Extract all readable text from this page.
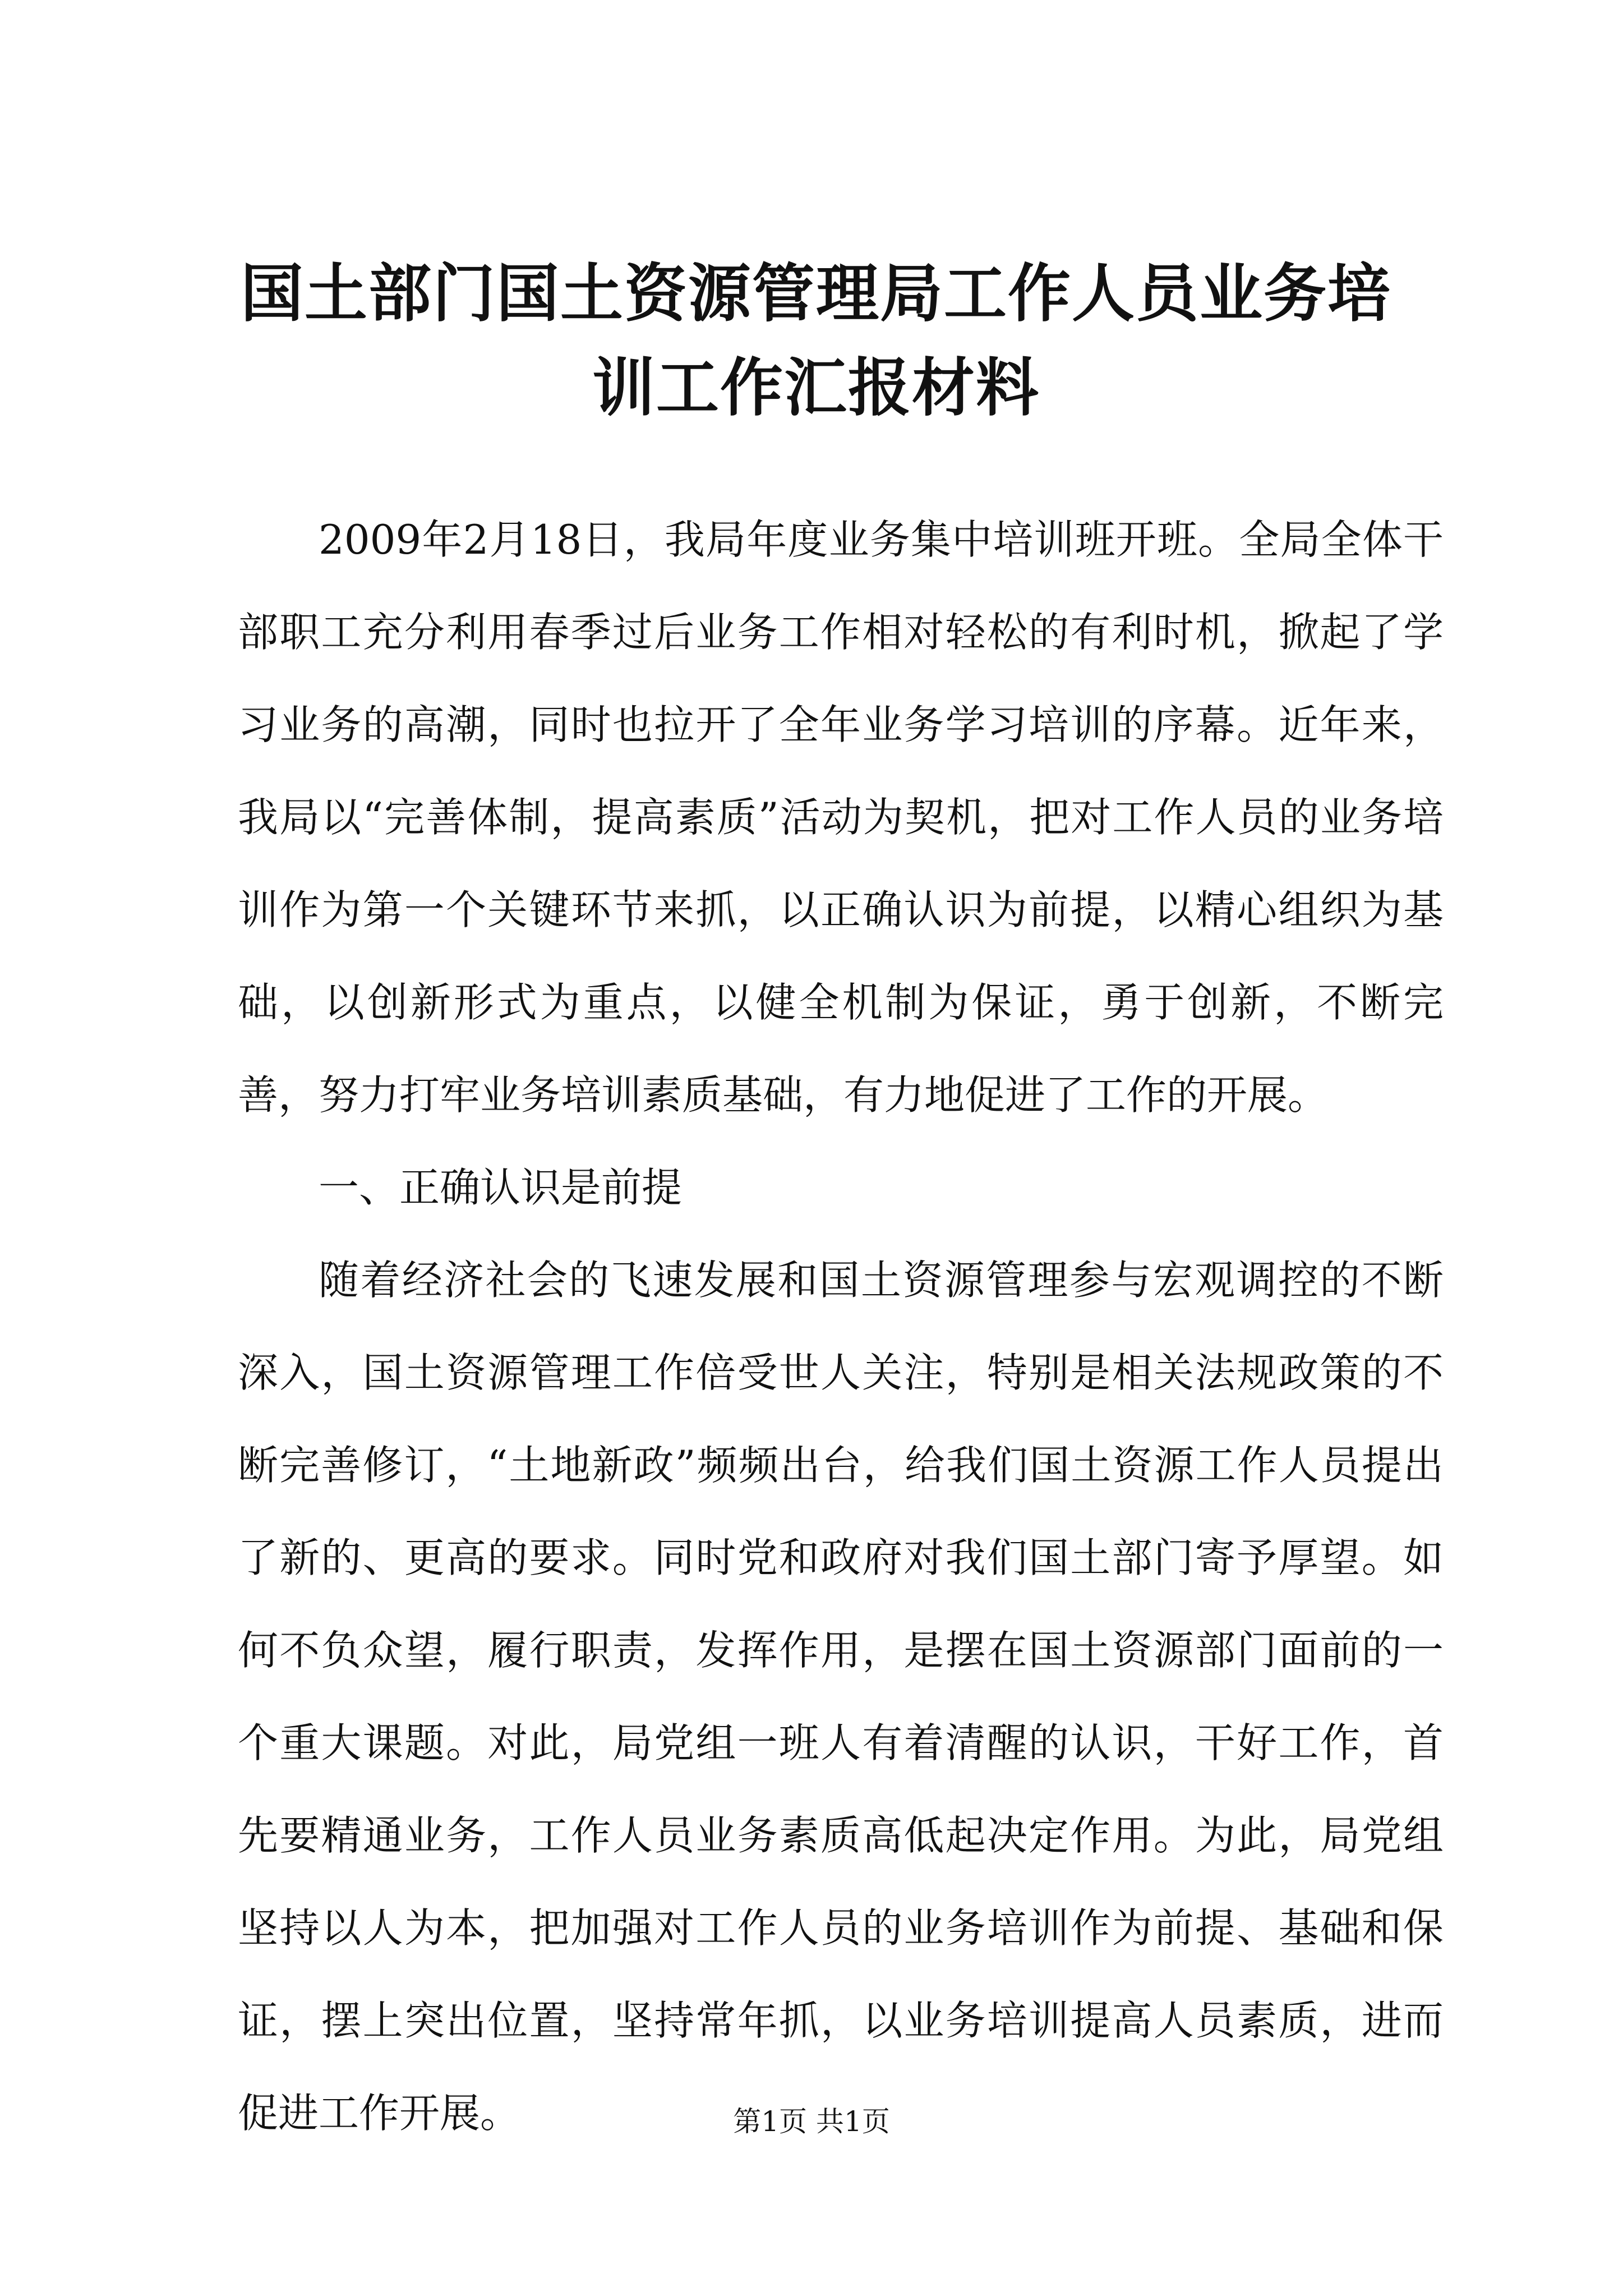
国土部门国土资源管理局工作人员业务培训工作汇报材料

2009年2月18日，我局年度业务集中培训班开班。全局全体干部职工充分利用春季过后业务工作相对轻松的有利时机，掀起了学习业务的高潮，同时也拉开了全年业务学习培训的序幕。近年来，我局以“完善体制，提高素质”活动为契机，把对工作人员的业务培训作为第一个关键环节来抓，以正确认识为前提，以精心组织为基础，以创新形式为重点，以健全机制为保证，勇于创新，不断完善，努力打牢业务培训素质基础，有力地促进了工作的开展。

一、正确认识是前提

随着经济社会的飞速发展和国土资源管理参与宏观调控的不断深入，国土资源管理工作倍受世人关注，特别是相关法规政策的不断完善修订，“土地新政”频频出台，给我们国土资源工作人员提出了新的、更高的要求。同时党和政府对我们国土部门寄予厚望。如何不负众望，履行职责，发挥作用，是摆在国土资源部门面前的一个重大课题。对此，局党组一班人有着清醒的认识，干好工作，首先要精通业务，工作人员业务素质高低起决定作用。为此，局党组坚持以人为本，把加强对工作人员的业务培训作为前提、基础和保证，摆上突出位置，坚持常年抓，以业务培训提高人员素质，进而促进工作开展。	第1页 共1页
